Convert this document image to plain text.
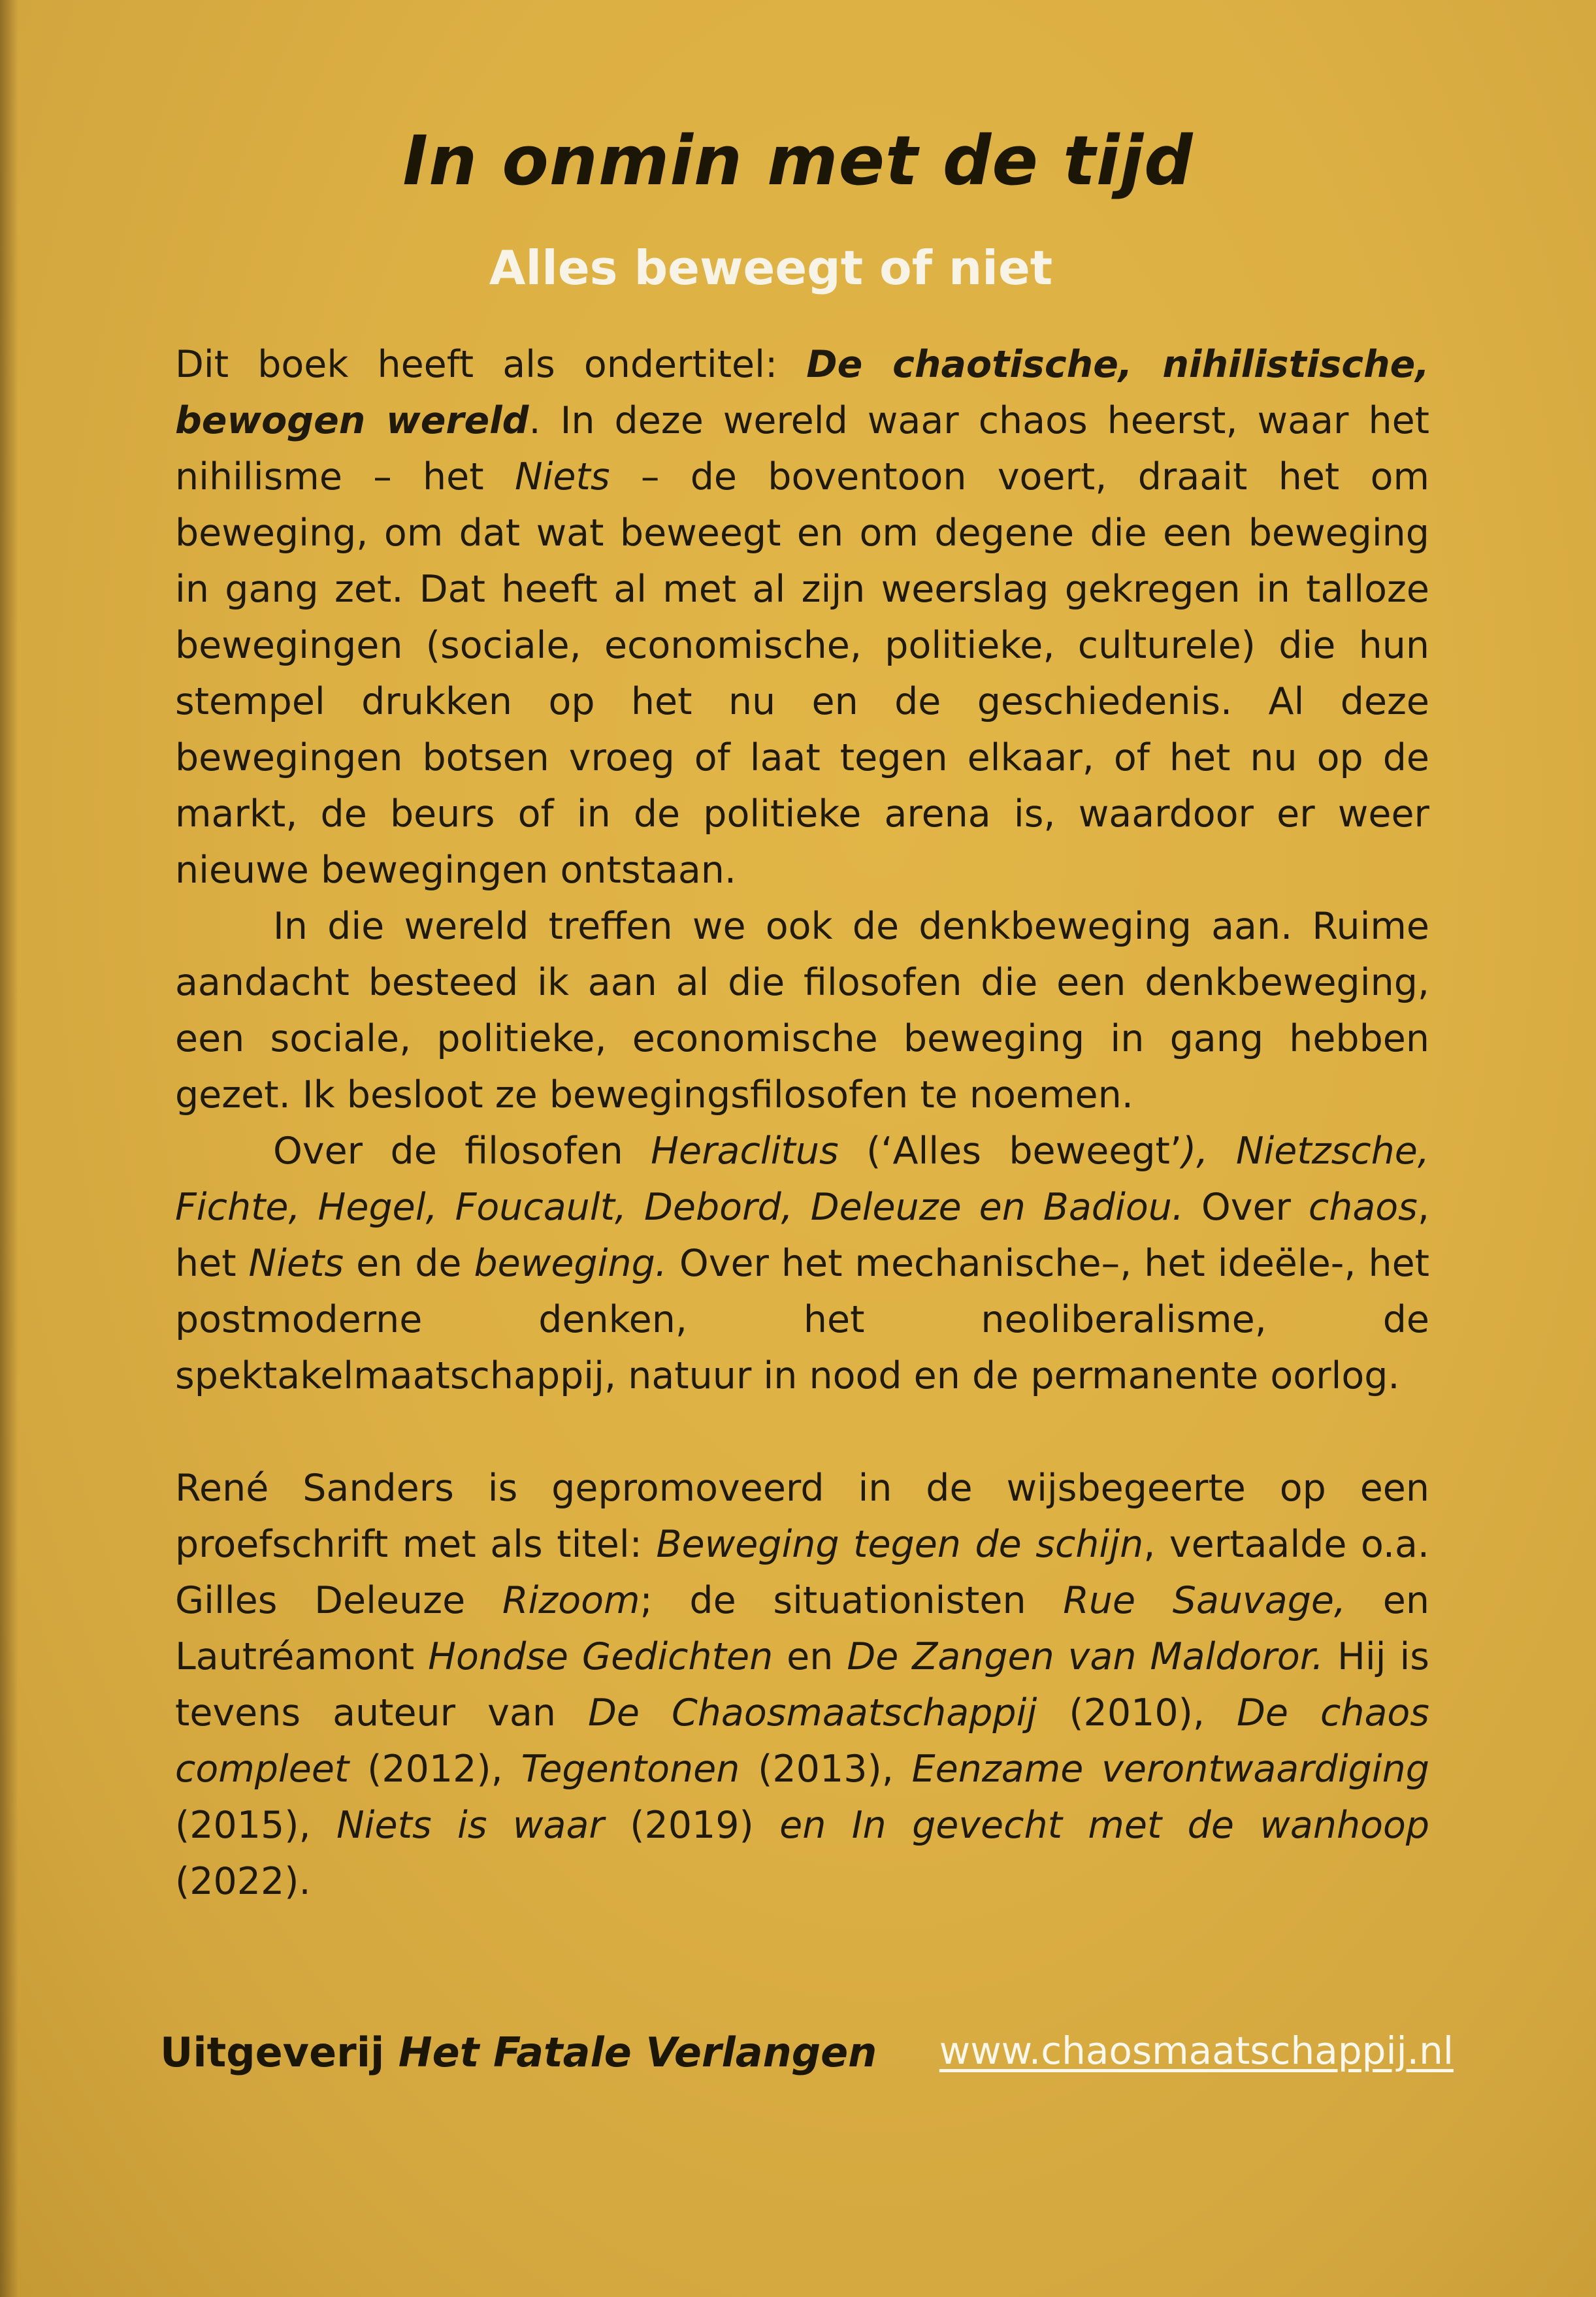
In onmin met de tijd
Alles beweegt of niet

Dit boek heeft als ondertitel: De chaotische, nihilistische, bewogen wereld. In deze wereld waar chaos heerst, waar het nihilisme – het Niets – de boventoon voert, draait het om beweging, om dat wat beweegt en om degene die een beweging in gang zet. Dat heeft al met al zijn weerslag gekregen in talloze bewegingen (sociale, economische, politieke, culturele) die hun stempel drukken op het nu en de geschiedenis. Al deze bewegingen botsen vroeg of laat tegen elkaar, of het nu op de markt, de beurs of in de politieke arena is, waardoor er weer nieuwe bewegingen ontstaan.

In die wereld treffen we ook de denkbeweging aan. Ruime aandacht besteed ik aan al die filosofen die een denkbeweging, een sociale, politieke, economische beweging in gang hebben gezet. Ik besloot ze bewegingsfilosofen te noemen.

Over de filosofen Heraclitus (‘Alles beweegt’), Nietzsche, Fichte, Hegel, Foucault, Debord, Deleuze en Badiou. Over chaos, het Niets en de beweging. Over het mechanische–, het ideële-, het postmoderne denken, het neoliberalisme, de spektakelmaatschappij, natuur in nood en de permanente oorlog.

René Sanders is gepromoveerd in de wijsbegeerte op een proefschrift met als titel: Beweging tegen de schijn, vertaalde o.a. Gilles Deleuze Rizoom; de situationisten Rue Sauvage, en Lautréamont Hondse Gedichten en De Zangen van Maldoror. Hij is tevens auteur van De Chaosmaatschappij (2010), De chaos compleet (2012), Tegentonen (2013), Eenzame verontwaardiging (2015), Niets is waar (2019) en In gevecht met de wanhoop (2022).

Uitgeverij Het Fatale Verlangen www.chaosmaatschappij.nl
